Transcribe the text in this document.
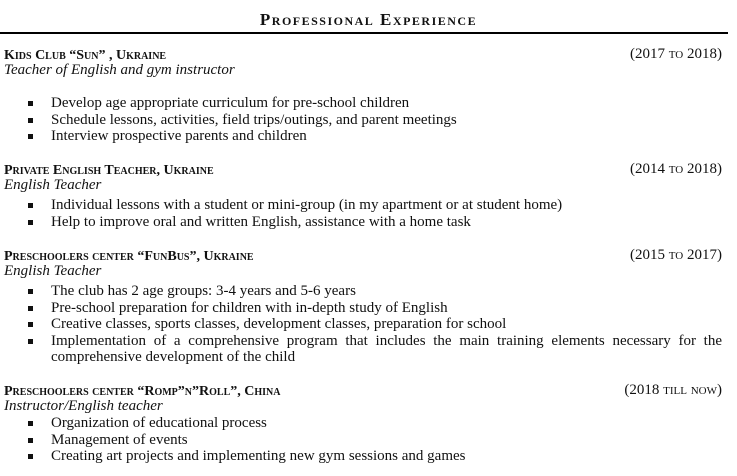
Professional Experience
Kids Club “Sun” , Ukraine	(2017 to 2018)
Teacher of English and gym instructor
Develop age appropriate curriculum for pre-school children
Schedule lessons, activities, field trips/outings, and parent meetings
Interview prospective parents and children
Private English Teacher, Ukraine	(2014 to 2018)
English Teacher
Individual lessons with a student or mini-group (in my apartment or at student home)
Help to improve oral and written English, assistance with a home task
Preschoolers center “FunBus”, Ukraine	(2015 to 2017)
English Teacher
The club has 2 age groups: 3-4 years and 5-6 years
Pre-school preparation for children with in-depth study of English
Creative classes, sports classes, development classes, preparation for school
Implementation of a comprehensive program that includes the main training elements necessary for the comprehensive development of the child
Preschoolers center “Romp”n”Roll”, China	(2018 till now)
Instructor/English teacher
Organization of educational process
Management of events
Creating art projects and implementing new gym sessions and games
